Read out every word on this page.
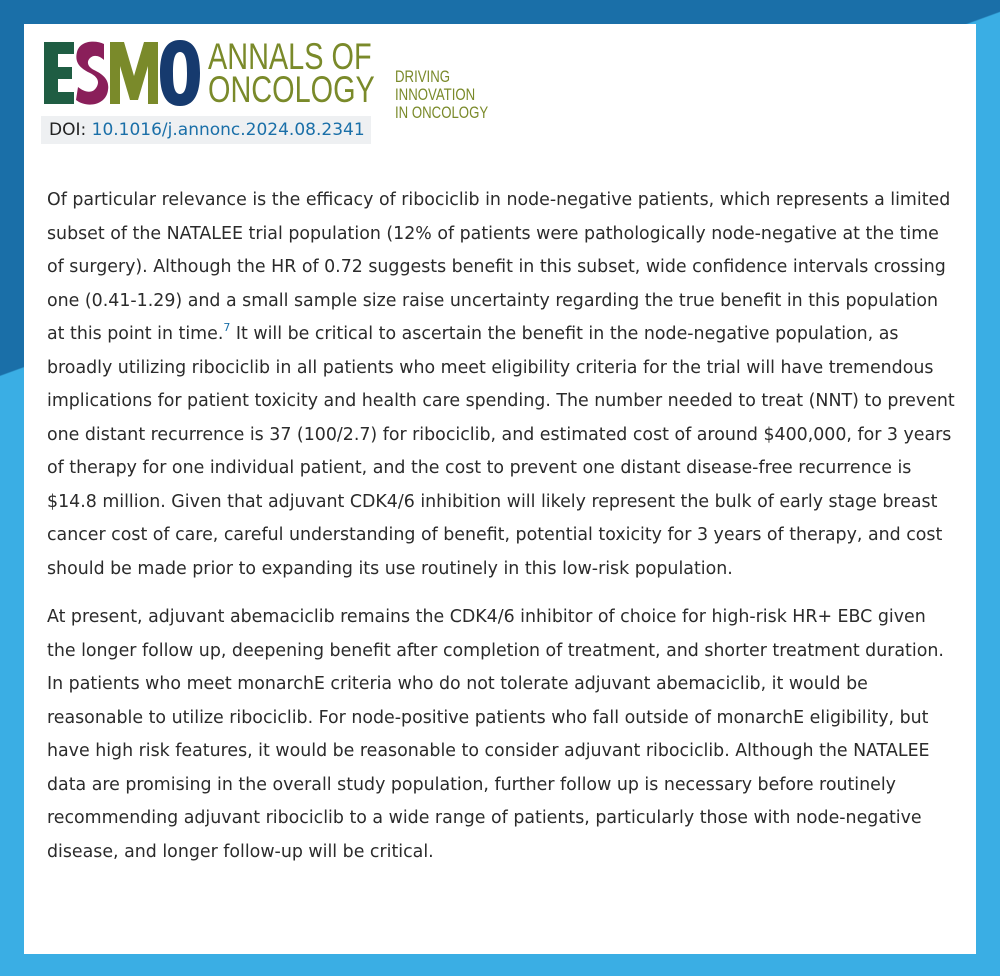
ANNALS OF
ONCOLOGY DRIVING INNOVATION
IN ONCOLOGY
DOI: 10.1016/j.annonc.2024.08.2341

Of particular relevance is the efficacy of ribociclib in node-negative patients, which represents a limited subset of the NATALEE trial population (12% of patients were pathologically node-negative at the time of surgery). Although the HR of 0.72 suggests benefit in this subset, wide confidence intervals crossing one (0.41-1.29) and a small sample size raise uncertainty regarding the true benefit in this population at this point in time.$^7$ It will be critical to ascertain the benefit in the node-negative population, as broadly utilizing ribociclib in all patients who meet eligibility criteria for the trial will have tremendous implications for patient toxicity and health care spending. The number needed to treat (NNT) to prevent one distant recurrence is 37 (100/2.7) for ribociclib, and estimated cost of around $400,000, for 3 years of therapy for one individual patient, and the cost to prevent one distant disease-free recurrence is $14.8 million. Given that adjuvant CDK4/6 inhibition will likely represent the bulk of early stage breast cancer cost of care, careful understanding of benefit, potential toxicity for 3 years of therapy, and cost should be made prior to expanding its use routinely in this low-risk population.

At present, adjuvant abemaciclib remains the CDK4/6 inhibitor of choice for high-risk HR+ EBC given the longer follow up, deepening benefit after completion of treatment, and shorter treatment duration. In patients who meet monarchE criteria who do not tolerate adjuvant abemaciclib, it would be reasonable to utilize ribociclib. For node-positive patients who fall outside of monarchE eligibility, but have high risk features, it would be reasonable to consider adjuvant ribociclib. Although the NATALEE data are promising in the overall study population, further follow up is necessary before routinely recommending adjuvant ribociclib to a wide range of patients, particularly those with node-negative disease, and longer follow-up will be critical.
